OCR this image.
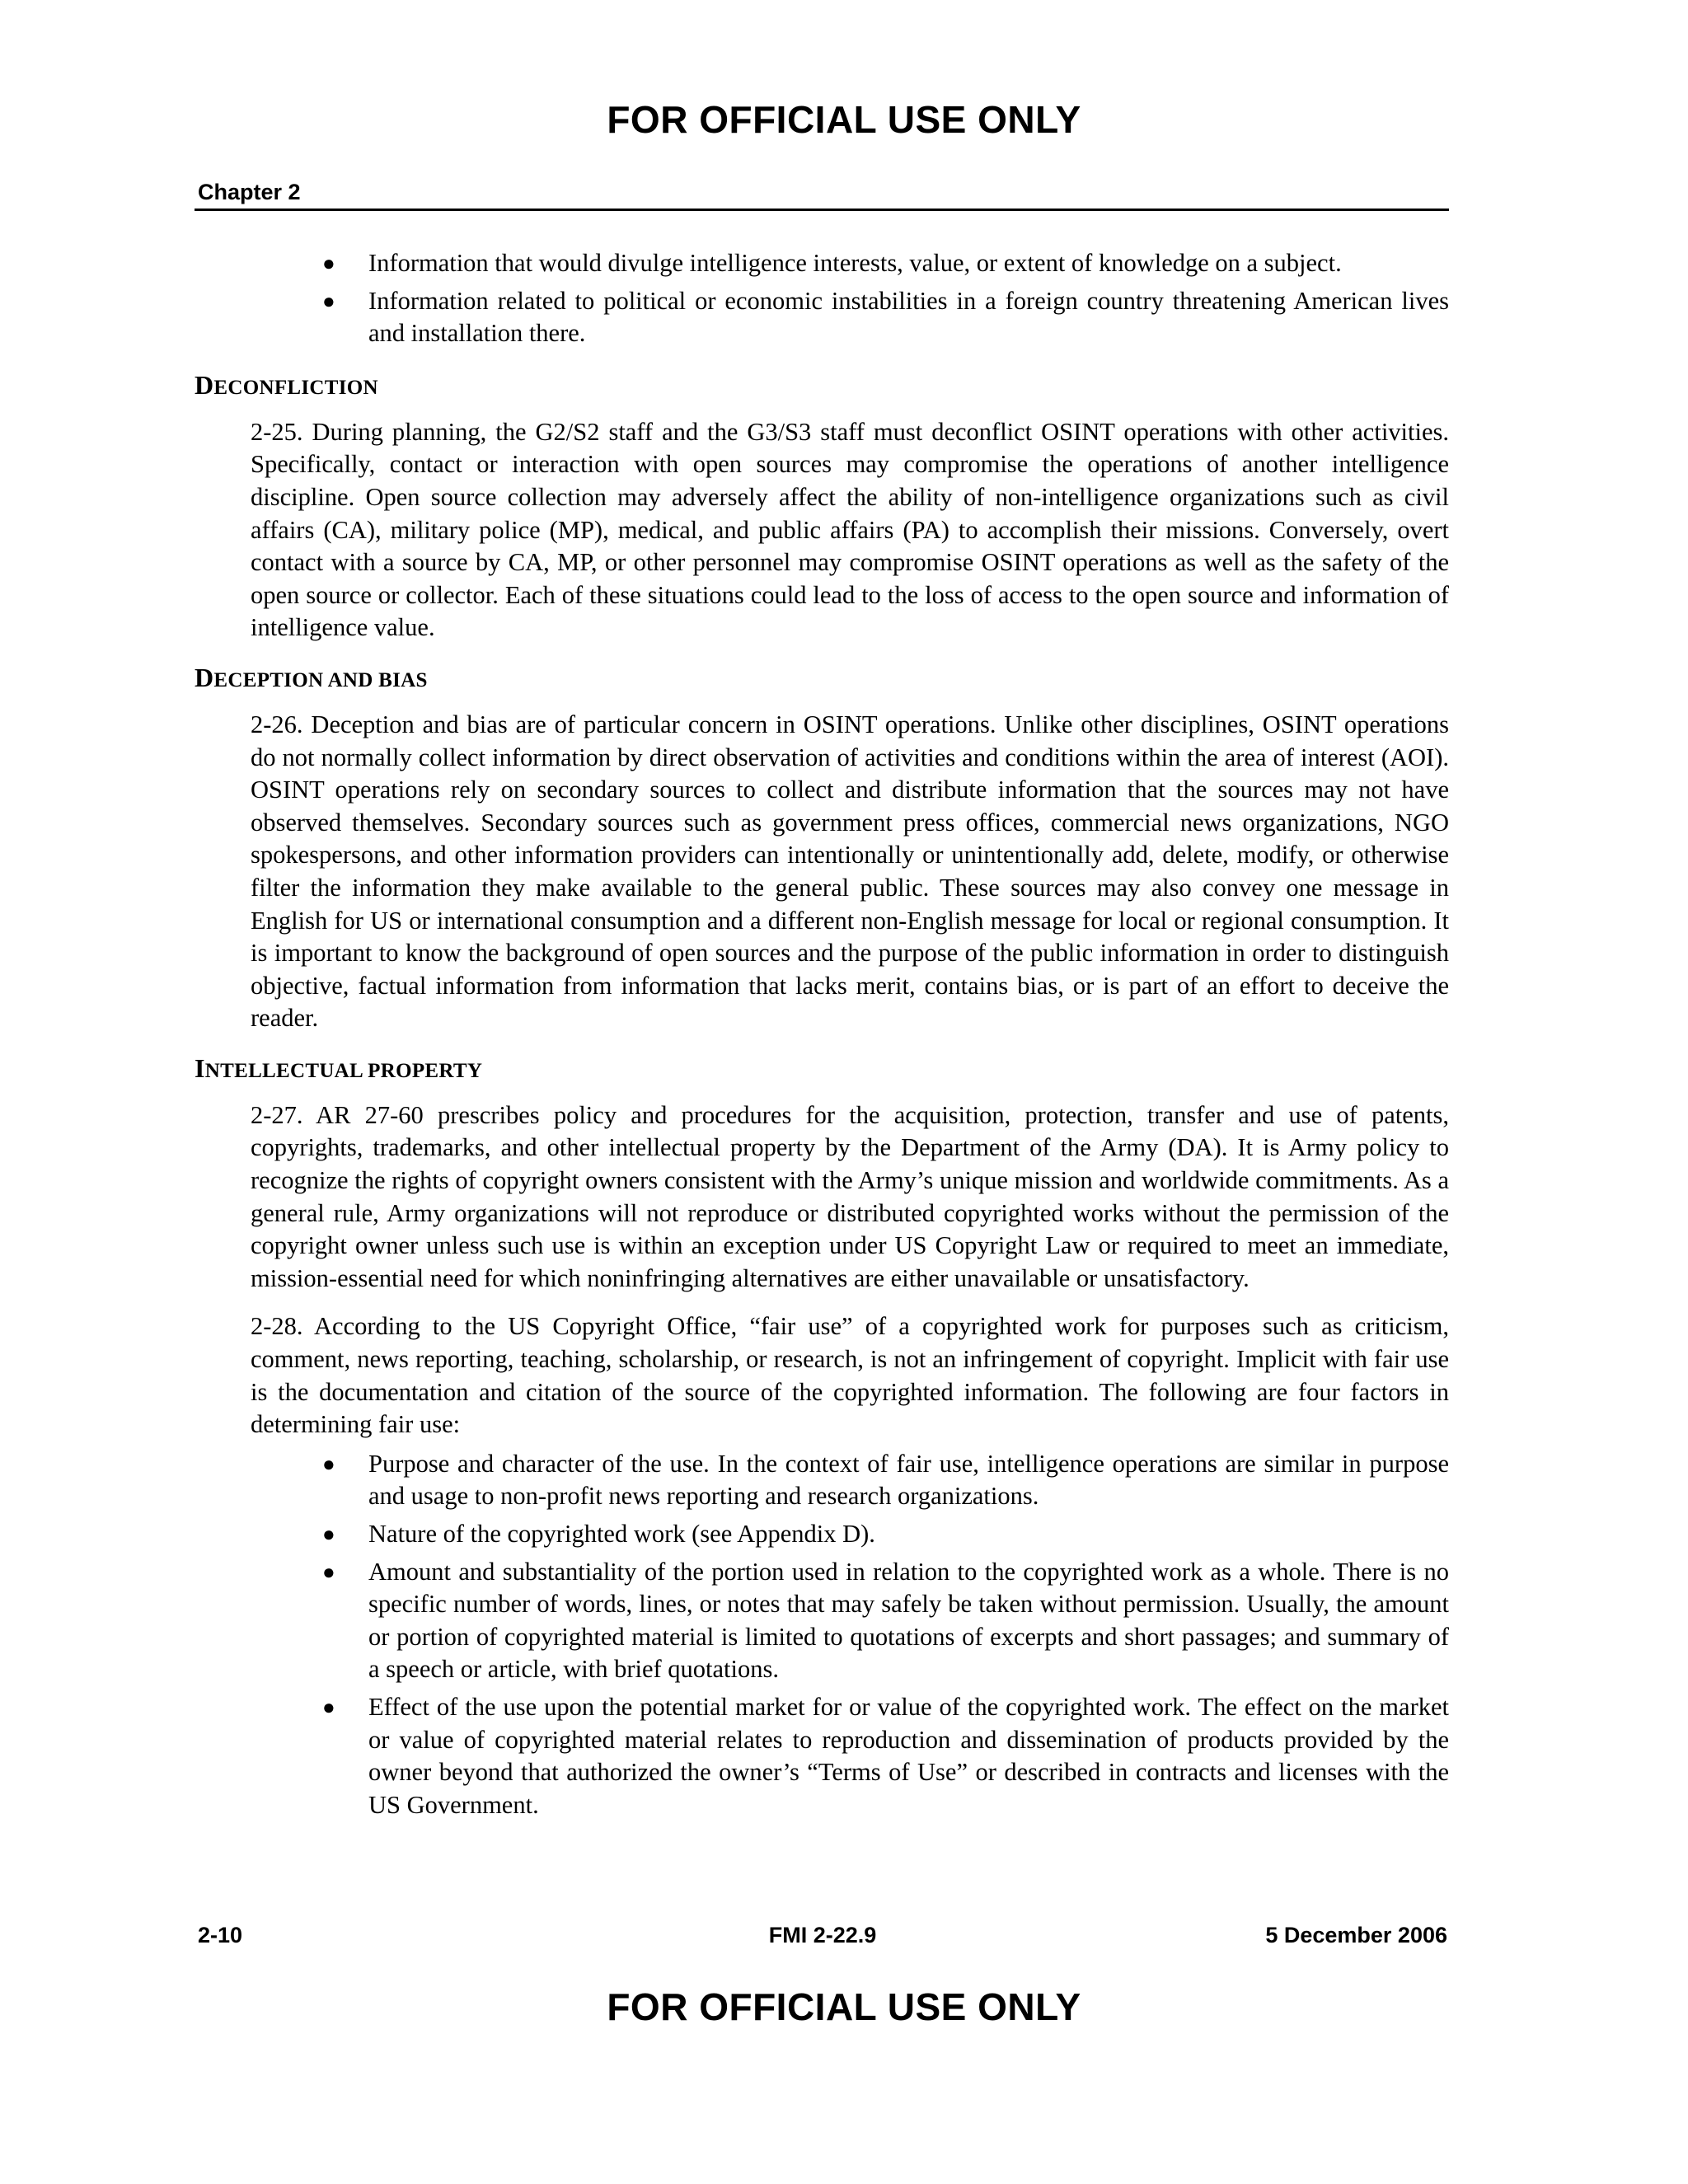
FOR OFFICIAL USE ONLY
Chapter 2
● Information that would divulge intelligence interests, value, or extent of knowledge on a subject.
● Information related to political or economic instabilities in a foreign country threatening American lives and installation there.
DECONFLICTION

2-25. During planning, the G2/S2 staff and the G3/S3 staff must deconflict OSINT operations with other activities. Specifically, contact or interaction with open sources may compromise the operations of another intelligence discipline. Open source collection may adversely affect the ability of non-intelligence organizations such as civil affairs (CA), military police (MP), medical, and public affairs (PA) to accomplish their missions. Conversely, overt contact with a source by CA, MP, or other personnel may compromise OSINT operations as well as the safety of the open source or collector. Each of these situations could lead to the loss of access to the open source and information of intelligence value.

DECEPTION AND BIAS

2-26. Deception and bias are of particular concern in OSINT operations. Unlike other disciplines, OSINT operations do not normally collect information by direct observation of activities and conditions within the area of interest (AOI). OSINT operations rely on secondary sources to collect and distribute information that the sources may not have observed themselves. Secondary sources such as government press offices, commercial news organizations, NGO spokespersons, and other information providers can intentionally or unintentionally add, delete, modify, or otherwise filter the information they make available to the general public. These sources may also convey one message in English for US or international consumption and a different non-English message for local or regional consumption. It is important to know the background of open sources and the purpose of the public information in order to distinguish objective, factual information from information that lacks merit, contains bias, or is part of an effort to deceive the reader.

INTELLECTUAL PROPERTY

2-27. AR 27-60 prescribes policy and procedures for the acquisition, protection, transfer and use of patents, copyrights, trademarks, and other intellectual property by the Department of the Army (DA). It is Army policy to recognize the rights of copyright owners consistent with the Army’s unique mission and worldwide commitments. As a general rule, Army organizations will not reproduce or distributed copyrighted works without the permission of the copyright owner unless such use is within an exception under US Copyright Law or required to meet an immediate, mission-essential need for which noninfringing alternatives are either unavailable or unsatisfactory.

2-28. According to the US Copyright Office, “fair use” of a copyrighted work for purposes such as criticism, comment, news reporting, teaching, scholarship, or research, is not an infringement of copyright. Implicit with fair use is the documentation and citation of the source of the copyrighted information. The following are four factors in determining fair use:

● Purpose and character of the use. In the context of fair use, intelligence operations are similar in purpose and usage to non-profit news reporting and research organizations.
● Nature of the copyrighted work (see Appendix D).
● Amount and substantiality of the portion used in relation to the copyrighted work as a whole. There is no specific number of words, lines, or notes that may safely be taken without permission. Usually, the amount or portion of copyrighted material is limited to quotations of excerpts and short passages; and summary of a speech or article, with brief quotations.
● Effect of the use upon the potential market for or value of the copyrighted work. The effect on the market or value of copyrighted material relates to reproduction and dissemination of products provided by the owner beyond that authorized the owner’s “Terms of Use” or described in contracts and licenses with the US Government.
2-10	FMI 2-22.9	5 December 2006
FOR OFFICIAL USE ONLY
